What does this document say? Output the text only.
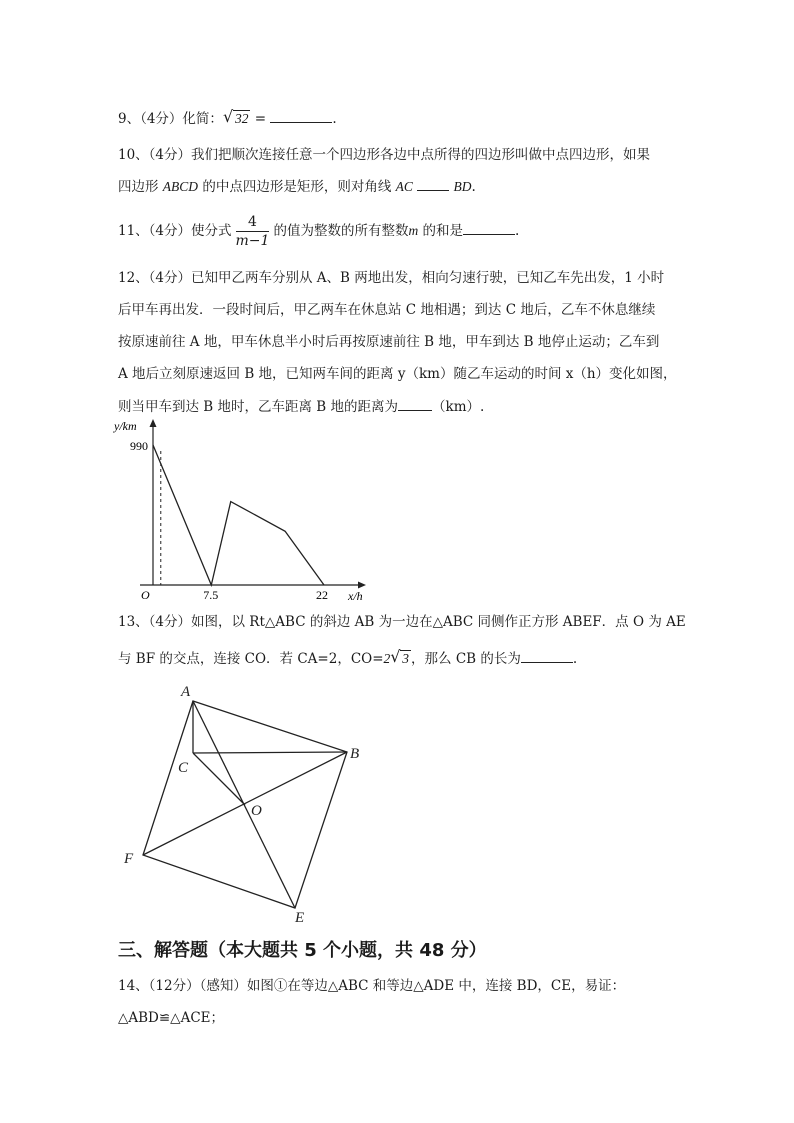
9、（4分）化简： √ 32 =	.
10、（4分）我们把顺次连接任意一个四边形各边中点所得的四边形叫做中点四边形，如果
四边形 ABCD 的中点四边形是矩形，则对角线 AC	BD.
11、（4分）使分式 $\frac{4}{m-1}$ 的值为整数的所有整数m 的和是	.
12、（4分）已知甲乙两车分别从 A、B 两地出发，相向匀速行驶，已知乙车先出发，1 小时
后甲车再出发．一段时间后，甲乙两车在休息站 C 地相遇；到达 C 地后，乙车不休息继续
按原速前往 A 地，甲车休息半小时后再按原速前往 B 地，甲车到达 B 地停止运动；乙车到
A 地后立刻原速返回 B 地，已知两车间的距离 y（km）随乙车运动的时间 x（h）变化如图，
则当甲车到达 B 地时，乙车距离 B 地的距离为	（km）.
y/km
x/h
O
990
7.5	22
13、（4分）如图，以 Rt△ABC 的斜边 AB 为一边在△ABC 同侧作正方形 ABEF．点 O 为 AE
与 BF 的交点，连接 CO．若 CA=2，CO=2 √ 3 ，那么 CB 的长为	.
A
B
C
O
F
E
三、解答题（本大题共 5 个小题，共 48 分）
14、（12分）（感知）如图①在等边△ABC 和等边△ADE 中，连接 BD，CE，易证：
△ABD≌△ACE；
